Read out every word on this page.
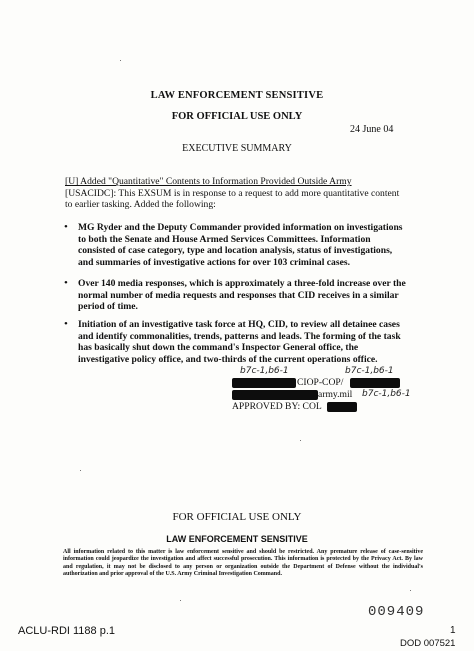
LAW ENFORCEMENT SENSITIVE
FOR OFFICIAL USE ONLY
24 June 04
EXECUTIVE SUMMARY
[U] Added "Quantitative" Contents to Information Provided Outside Army [USACIDC]: This EXSUM is in response to a request to add more quantitative content to earlier tasking. Added the following:
• MG Ryder and the Deputy Commander provided information on investigations to both the Senate and House Armed Services Committees. Information consisted of case category, type and location analysis, status of investigations, and summaries of investigative actions for over 103 criminal cases.
• Over 140 media responses, which is approximately a three-fold increase over the normal number of media requests and responses that CID receives in a similar period of time.
• Initiation of an investigative task force at HQ, CID, to review all detainee cases and identify commonalities, trends, patterns and leads. The forming of the task has basically shut down the command's Inspector General office, the investigative policy office, and two-thirds of the current operations office.
b7c-1,b6-1	b7c-1,b6-1
CIOP-COP/
army.mil b7c-1,b6-1
APPROVED BY: COL
FOR OFFICIAL USE ONLY
LAW ENFORCEMENT SENSITIVE
All information related to this matter is law enforcement sensitive and should be restricted. Any premature release of case-sensitive information could jeopardize the investigation and affect successful prosecution. This information is protected by the Privacy Act. By law and regulation, it may not be disclosed to any person or organization outside the Department of Defense without the individual's authorization and prior approval of the U.S. Army Criminal Investigation Command.
009409
ACLU-RDI 1188 p.1	1
DOD 007521
